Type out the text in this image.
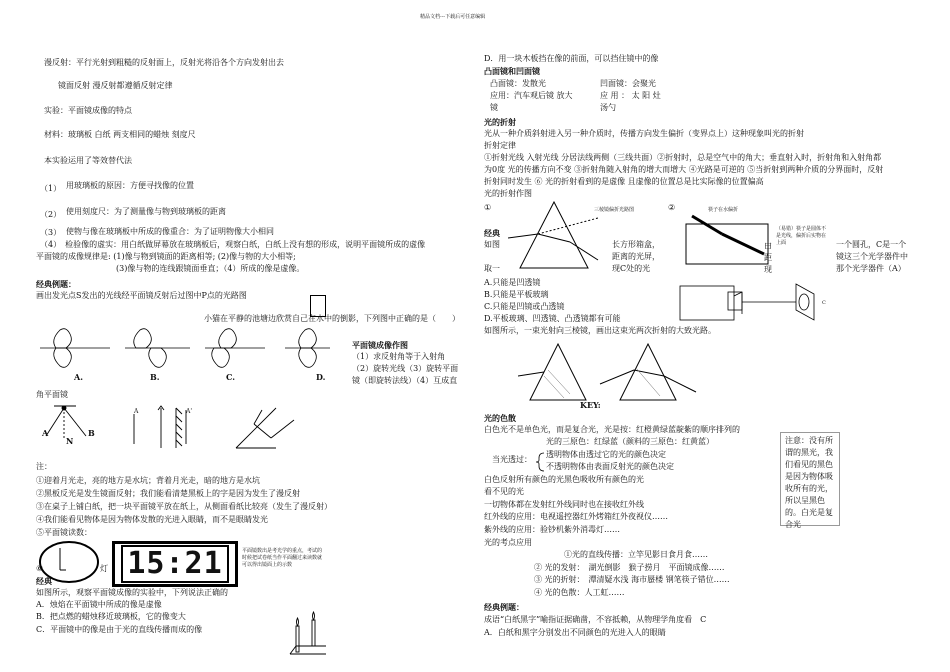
精品文档---下载后可任意编辑
漫反射：平行光射到粗糙的反射面上，反射光将沿各个方向发射出去
镜面反射 漫反射都遵循反射定律
实验：平面镜成像的特点
材料：玻璃板 白纸 两支相同的蜡烛 刻度尺
本实验运用了等效替代法
（1） 用玻璃板的原因：方便寻找像的位置
（2） 使用刻度尺：为了测量像与物到玻璃板的距离
（3） 使物与像在玻璃板中所成的像重合：为了证明物像大小相同
（4）　检验像的虚实：用白纸做屏幕放在玻璃板后，观察白纸，白纸上没有想的形成，说明平面镜所成的虚像
平面镜的成像规律是: (1)像与物到镜面的距离相等; (2)像与物的大小相等;
(3)像与物的连线跟镜面垂直；（4）所成的像是虚像。
经典例题：
画出发光点S发出的光线经平面镜反射后过图中P点的光路图
小猫在平静的池塘边欣赏自己在水中的倒影，下列图中正确的是（　　）
A.	B.	C.	D.
平面镜成像作图
（1）求反射角等于入射角
（2）旋转光线（3）旋转平面
镜（即旋转法线）（4）互成直
角平面镜
A
N
B
A	A'
注：
①迎着月光走，亮的地方是水坑；背着月光走，暗的地方是水坑
②黑板反光是发生镜面反射；我们能看清楚黑板上的字是因为发生了漫反射
③在桌子上铺白纸，把一块平面镜平放在纸上，从侧面看纸比较亮（发生了漫反射）
④我们能看见物体是因为物体发散的光进入眼睛，而不是眼睛发光
⑤平面镜读数：
⑥	灯 15:21
经典
平面镜数出是考光学的重点，考试的时候把试卷纸当作平面翻过来读数就可以得出镜面上的示数
如图所示，观察平面镜成像的实验中，下列说法正确的
A．烛焰在平面镜中所成的像是虚像
B．把点燃的蜡烛移近玻璃板，它的像变大
C．平面镜中的像是由于光的直线传播而成的像
D．用一块木板挡在像的前面，可以挡住镜中的像
凸面镜和凹面镜
凸面镜：发散光	凹面镜：会聚光
应用：汽车观后镜 放大	应 用 ： 太 阳 灶
镜	汤勺
光的折射
光从一种介质斜射进入另一种介质时，传播方向发生偏折（变界点上）这种现象叫光的折射
折射定律
①折射光线 入射光线 分居法线两侧（三线共面）②折射时，总是空气中的角大；垂直射入时，折射角和入射角都
为0度 光的传播方向不变 ③折射角随入射角的增大而增大 ④光路是可逆的 ⑤当折射到两种介质的分界面时，反射
折射同时发生 ⑥ 光的折射看到的是虚像 且虚像的位置总是比实际像的位置偏高
光的折射作图
①	②
三棱镜偏折光路图	筷子在水偏折
经典
如图	长方形箱盒，
距离的光屏，
取一	现C处的光
由
距
现
（易错）筷子是圆体不是光线，偏折后实物在上面	一个圆孔，C是一个
镜这三个光学器件中
那个光学器件（A）
A.只能是凹透镜
B.只能是平板玻璃
C.只能是凹镜或凸透镜
D.平板玻璃、凹透镜、凸透镜都有可能
如图所示，一束光射向三棱镜，画出这束光两次折射的大致光路。
C
KEY:
光的色散
白色光不是单色光，而是复合光，光是按：红橙黄绿蓝靛紫的顺序排列的
光的三原色：红绿蓝（颜料的三原色：红黄蓝）
当光透过：
透明物体由透过它的光的颜色决定
不透明物体由表面反射光的颜色决定
白色反射所有颜色的光黑色吸收所有颜色的光
看不见的光
一切物体都在发射红外线同时也在接收红外线
红外线的应用：电视遥控器红外烤箱红外夜视仪……
紫外线的应用：验钞机紫外消毒灯……
光的考点应用
①光的直线传播：立竿见影日食月食……
② 光的发射：　湖光倒影　猴子捞月　平面镜成像……
③ 光的折射：　潭清疑水浅 海市蜃楼 钢笔筷子错位……
④ 光的色散：人工虹……
注意：没有所谓的黑光，我们看见的黑色是因为物体吸收所有的光，所以呈黑色的。白光是复合光
经典例题：
成语“白纸黑字”喻指证据确凿，不容抵赖，从物理学角度看　C
A．白纸和黑字分别发出不同颜色的光进入人的眼睛
